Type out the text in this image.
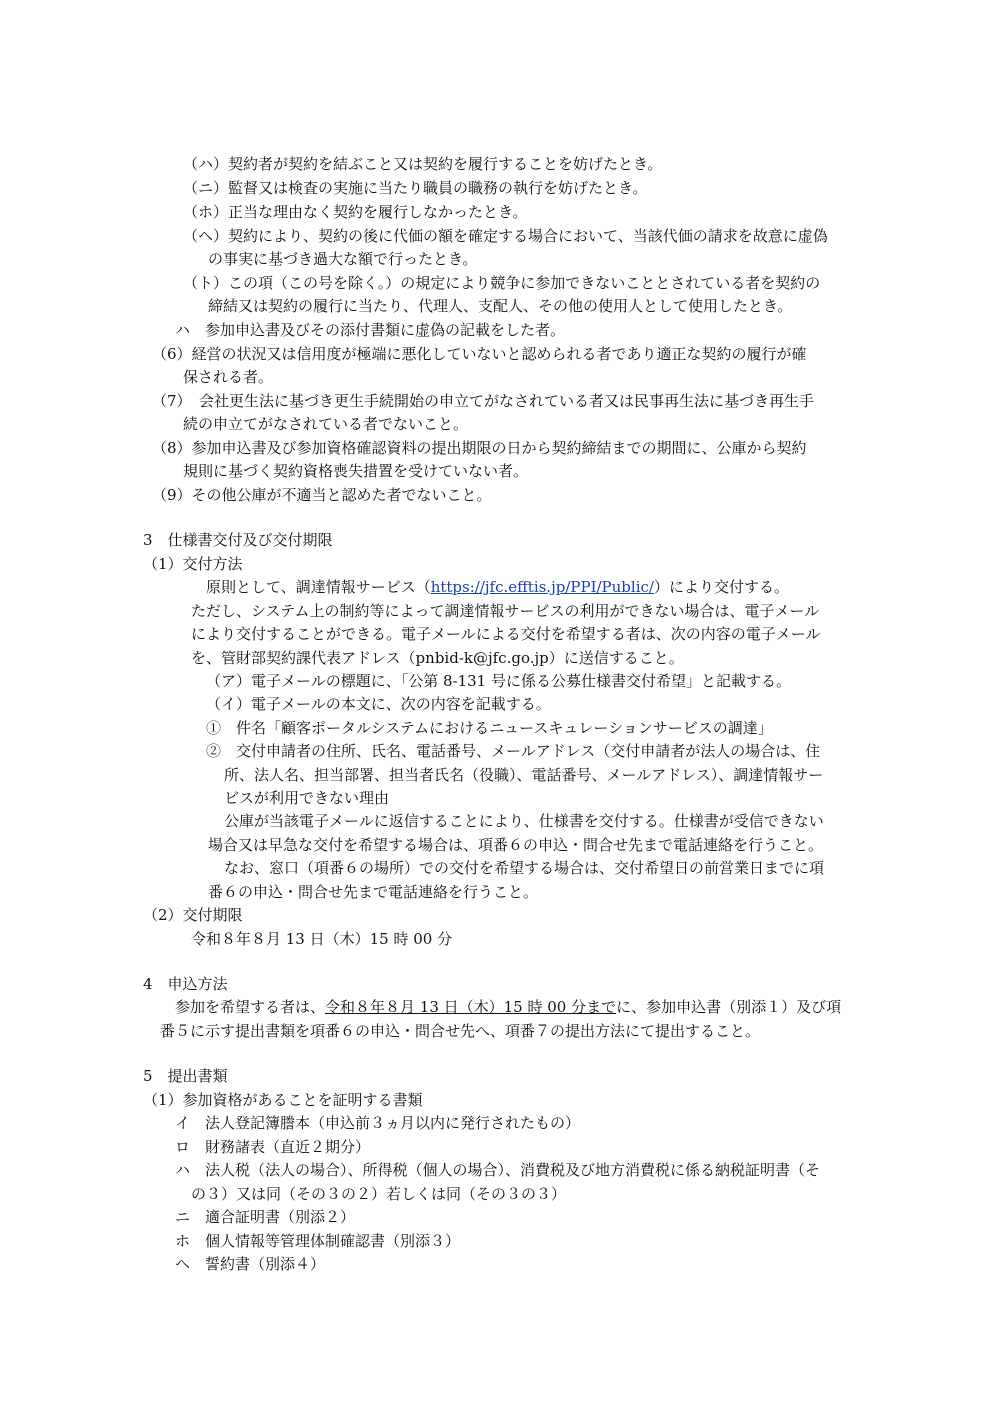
（ハ）契約者が契約を結ぶこと又は契約を履行することを妨げたとき。
（ニ）監督又は検査の実施に当たり職員の職務の執行を妨げたとき。
（ホ）正当な理由なく契約を履行しなかったとき。
（ヘ）契約により、契約の後に代価の額を確定する場合において、当該代価の請求を故意に虚偽
の事実に基づき過大な額で行ったとき。
（ト）この項（この号を除く。）の規定により競争に参加できないこととされている者を契約の
締結又は契約の履行に当たり、代理人、支配人、その他の使用人として使用したとき。
ハ　参加申込書及びその添付書類に虚偽の記載をした者。
（6）経営の状況又は信用度が極端に悪化していないと認められる者であり適正な契約の履行が確
保される者。
（7）　会社更生法に基づき更生手続開始の申立てがなされている者又は民事再生法に基づき再生手
続の申立てがなされている者でないこと。
（8）参加申込書及び参加資格確認資料の提出期限の日から契約締結までの期間に、公庫から契約
規則に基づく契約資格喪失措置を受けていない者。
（9）その他公庫が不適当と認めた者でないこと。
3　仕様書交付及び交付期限
（1）交付方法
原則として、調達情報サービス（https://jfc.efftis.jp/PPI/Public/）により交付する。
ただし、システム上の制約等によって調達情報サービスの利用ができない場合は、電子メール
により交付することができる。電子メールによる交付を希望する者は、次の内容の電子メール
を、管財部契約課代表アドレス（pnbid-k@jfc.go.jp）に送信すること。
（ア）電子メールの標題に、「公第 8-131 号に係る公募仕様書交付希望」と記載する。
（イ）電子メールの本文に、次の内容を記載する。
①　件名「顧客ポータルシステムにおけるニュースキュレーションサービスの調達」
②　交付申請者の住所、氏名、電話番号、メールアドレス（交付申請者が法人の場合は、住
所、法人名、担当部署、担当者氏名（役職）、電話番号、メールアドレス）、調達情報サー
ビスが利用できない理由
公庫が当該電子メールに返信することにより、仕様書を交付する。仕様書が受信できない
場合又は早急な交付を希望する場合は、項番６の申込・問合せ先まで電話連絡を行うこと。
なお、窓口（項番６の場所）での交付を希望する場合は、交付希望日の前営業日までに項
番６の申込・問合せ先まで電話連絡を行うこと。
（2）交付期限
令和８年８月 13 日（木）15 時 00 分
4　申込方法
参加を希望する者は、令和８年８月 13 日（木）15 時 00 分までに、参加申込書（別添１）及び項
番５に示す提出書類を項番６の申込・問合せ先へ、項番７の提出方法にて提出すること。
5　提出書類
（1）参加資格があることを証明する書類
イ　法人登記簿謄本（申込前３ヵ月以内に発行されたもの）
ロ　財務諸表（直近２期分）
ハ　法人税（法人の場合）、所得税（個人の場合）、消費税及び地方消費税に係る納税証明書（そ
の３）又は同（その３の２）若しくは同（その３の３）
ニ　適合証明書（別添２）
ホ　個人情報等管理体制確認書（別添３）
ヘ　誓約書（別添４）
